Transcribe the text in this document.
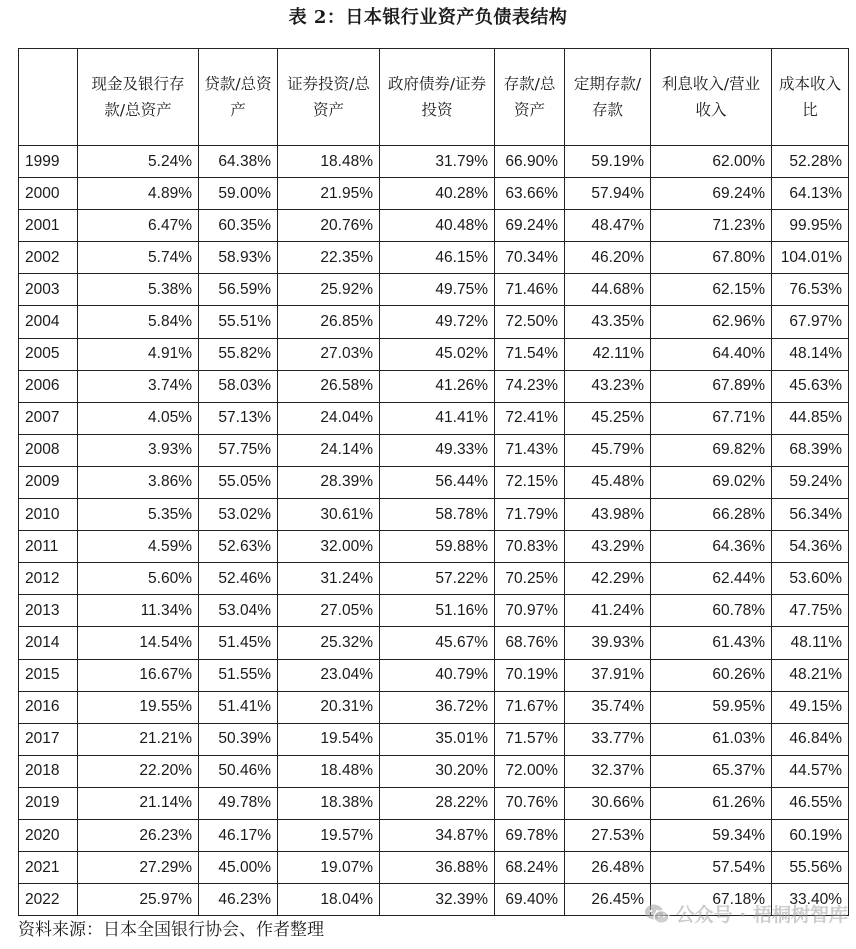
表 2：日本银行业资产负债表结构
	现金及银行存款/总资产	贷款/总资产	证券投资/总资产	政府债券/证券投资	存款/总资产	定期存款/存款	利息收入/营业收入	成本收入比
1999	5.24%	64.38%	18.48%	31.79%	66.90%	59.19%	62.00%	52.28%
2000	4.89%	59.00%	21.95%	40.28%	63.66%	57.94%	69.24%	64.13%
2001	6.47%	60.35%	20.76%	40.48%	69.24%	48.47%	71.23%	99.95%
2002	5.74%	58.93%	22.35%	46.15%	70.34%	46.20%	67.80%	104.01%
2003	5.38%	56.59%	25.92%	49.75%	71.46%	44.68%	62.15%	76.53%
2004	5.84%	55.51%	26.85%	49.72%	72.50%	43.35%	62.96%	67.97%
2005	4.91%	55.82%	27.03%	45.02%	71.54%	42.11%	64.40%	48.14%
2006	3.74%	58.03%	26.58%	41.26%	74.23%	43.23%	67.89%	45.63%
2007	4.05%	57.13%	24.04%	41.41%	72.41%	45.25%	67.71%	44.85%
2008	3.93%	57.75%	24.14%	49.33%	71.43%	45.79%	69.82%	68.39%
2009	3.86%	55.05%	28.39%	56.44%	72.15%	45.48%	69.02%	59.24%
2010	5.35%	53.02%	30.61%	58.78%	71.79%	43.98%	66.28%	56.34%
2011	4.59%	52.63%	32.00%	59.88%	70.83%	43.29%	64.36%	54.36%
2012	5.60%	52.46%	31.24%	57.22%	70.25%	42.29%	62.44%	53.60%
2013	11.34%	53.04%	27.05%	51.16%	70.97%	41.24%	60.78%	47.75%
2014	14.54%	51.45%	25.32%	45.67%	68.76%	39.93%	61.43%	48.11%
2015	16.67%	51.55%	23.04%	40.79%	70.19%	37.91%	60.26%	48.21%
2016	19.55%	51.41%	20.31%	36.72%	71.67%	35.74%	59.95%	49.15%
2017	21.21%	50.39%	19.54%	35.01%	71.57%	33.77%	61.03%	46.84%
2018	22.20%	50.46%	18.48%	30.20%	72.00%	32.37%	65.37%	44.57%
2019	21.14%	49.78%	18.38%	28.22%	70.76%	30.66%	61.26%	46.55%
2020	26.23%	46.17%	19.57%	34.87%	69.78%	27.53%	59.34%	60.19%
2021	27.29%	45.00%	19.07%	36.88%	68.24%	26.48%	57.54%	55.56%
2022	25.97%	46.23%	18.04%	32.39%	69.40%	26.45%	67.18%	33.40%
资料来源：日本全国银行协会、作者整理
公众号 · 梧桐树智库
